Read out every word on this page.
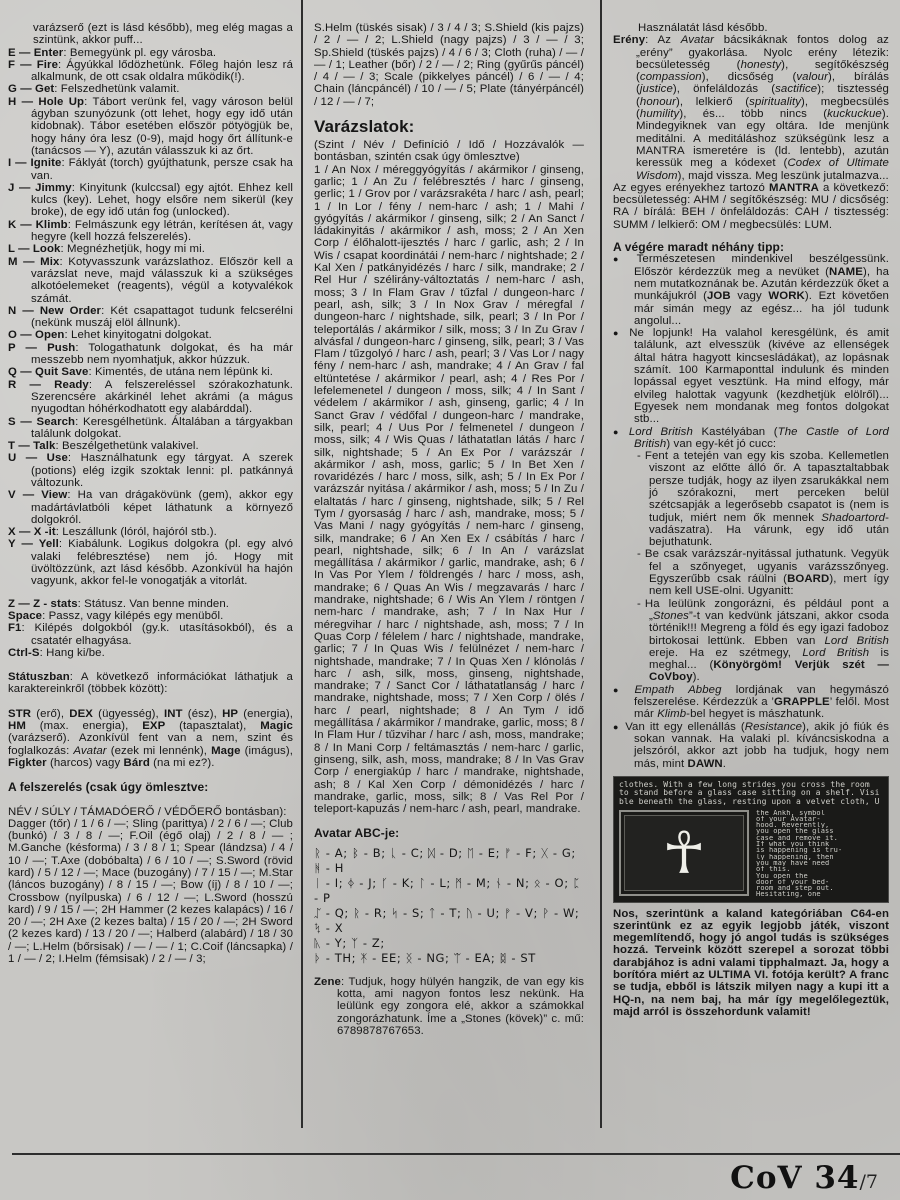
varázserő (ezt is lásd később), meg elég magas a szintünk, akkor puff...

E — Enter: Bemegyünk pl. egy városba.

F — Fire: Ágyúkkal lődözhetünk. Főleg hajón lesz rá alkalmunk, de ott csak oldalra működik(!).

G — Get: Felszedhetünk valamit.

H — Hole Up: Tábort verünk fel, vagy városon belül ágyban szunyózunk (ott lehet, hogy egy idő után kidobnak). Tábor esetében először pötyögjük be, hogy hány óra lesz (0-9), majd hogy őrt állítunk-e (tanácsos — Y), azután válasszuk ki az őrt.

I — Ignite: Fáklyát (torch) gyújthatunk, persze csak ha van.

J — Jimmy: Kinyitunk (kulccsal) egy ajtót. Ehhez kell kulcs (key). Lehet, hogy elsőre nem sikerül (key broke), de egy idő után fog (unlocked).

K — Klimb: Felmászunk egy létrán, kerítésen át, vagy hegyre (kell hozzá felszerelés).

L — Look: Megnézhetjük, hogy mi mi.

M — Mix: Kotyvasszunk varázslathoz. Először kell a varázslat neve, majd válasszuk ki a szükséges alkotóelemeket (reagents), végül a kotyvalékok számát.

N — New Order: Két csapattagot tudunk felcserélni (nekünk muszáj elöl állnunk).

O — Open: Lehet kinyitogatni dolgokat.

P — Push: Tologathatunk dolgokat, és ha már messzebb nem nyomhatjuk, akkor húzzuk.

Q — Quit Save: Kimentés, de utána nem lépünk ki.

R — Ready: A felszereléssel szórakozhatunk. Szerencsére akárkinél lehet akrámi (a mágus nyugodtan hóhérkodhatott egy alabárddal).

S — Search: Keresgélhetünk. Általában a tárgyakban találunk dolgokat.

T — Talk: Beszélgethetünk valakivel.

U — Use: Használhatunk egy tárgyat. A szerek (potions) elég izgik szoktak lenni: pl. patkánnyá változunk.

V — View: Ha van drágakövünk (gem), akkor egy madártávlatbóli képet láthatunk a környező dolgokról.

X — X -it: Leszállunk (lóról, hajóról stb.).

Y — Yell: Kiabálunk. Logikus dolgokra (pl. egy alvó valaki felébresztése) nem jó. Hogy mit üvöltözzünk, azt lásd később. Azonkívül ha hajón vagyunk, akkor fel-le vonogatják a vitorlát.

Z — Z - stats: Státusz. Van benne minden.

Space: Passz, vagy kilépés egy menüből.

F1: Kilépés dolgokból (gy.k. utasításokból), és a csatatér elhagyása.

Ctrl-S: Hang ki/be.

Státuszban: A következő információkat láthatjuk a karaktereinkről (többek között):

STR (erő), DEX (ügyesség), INT (ész), HP (energia), HM (max. energia), EXP (tapasztalat), Magic (varázserő). Azonkívül fent van a nem, szint és foglalkozás: Avatar (ezek mi lennénk), Mage (imágus), Figkter (harcos) vagy Bárd (na mi ez?).

A felszerelés (csak úgy ömlesztve:

NÉV / SÚLY / TÁMADÓERŐ / VÉDŐERŐ bontásban):

Dagger (tőr) / 1 / 6 / —; Sling (parittya) / 2 / 6 / —; Club (bunkó) / 3 / 8 / —; F.Oil (égő olaj) / 2 / 8 / — ; M.Ganche (késforma) / 3 / 8 / 1; Spear (lándzsa) / 4 / 10 / —; T.Axe (dobóbalta) / 6 / 10 / —; S.Sword (rövid kard) / 5 / 12 / —; Mace (buzogány) / 7 / 15 / —; M.Star (láncos buzogány) / 8 / 15 / —; Bow (íj) / 8 / 10 / —; Crossbow (nyílpuska) / 6 / 12 / —; L.Sword (hosszú kard) / 9 / 15 / —; 2H Hammer (2 kezes kalapács) / 16 / 20 / —; 2H Axe (2 kezes balta) / 15 / 20 / —; 2H Sword (2 kezes kard) / 13 / 20 / —; Halberd (alabárd) / 18 / 30 / —; L.Helm (bőrsisak) / — / — / 1; C.Coif (láncsapka) / 1 / — / 2; I.Helm (fémsisak) / 2 / — / 3;

S.Helm (tüskés sisak) / 3 / 4 / 3; S.Shield (kis pajzs) / 2 / — / 2; L.Shield (nagy pajzs) / 3 / — / 3; Sp.Shield (tüskés pajzs) / 4 / 6 / 3; Cloth (ruha) / — / — / 1; Leather (bőr) / 2 / — / 2; Ring (gyűrűs páncél) / 4 / — / 3; Scale (pikkelyes páncél) / 6 / — / 4; Chain (láncpáncél) / 10 / — / 5; Plate (tányérpáncél) / 12 / — / 7;

Varázslatok:

(Szint / Név / Definíció / Idő / Hozzávalók — bontásban, szintén csak úgy ömlesztve)

1 / An Nox / méreggyógyítás / akármikor / ginseng, garlic; 1 / An Zu / felébresztés / harc / ginseng, gerlic; 1 / Grov por / varázsrakéta / harc / ash, pearl; 1 / In Lor / fény / nem-harc / ash; 1 / Mahi / gyógyítás / akármikor / ginseng, silk; 2 / An Sanct / ládakinyitás / akármikor / ash, moss; 2 / An Xen Corp / élőhalott-ijesztés / harc / garlic, ash; 2 / In Wis / csapat koordinátái / nem-harc / nightshade; 2 / Kal Xen / patkányidézés / harc / silk, mandrake; 2 / Rel Hur / szélirány-változtatás / nem-harc / ash, moss; 3 / In Flam Grav / tűzfal / dungeon-harc / pearl, ash, silk; 3 / In Nox Grav / méregfal / dungeon-harc / nightshade, silk, pearl; 3 / In Por / teleportálás / akármikor / silk, moss; 3 / In Zu Grav / alvásfal / dungeon-harc / ginseng, silk, pearl; 3 / Vas Flam / tűzgolyó / harc / ash, pearl; 3 / Vas Lor / nagy fény / nem-harc / ash, mandrake; 4 / An Grav / fal eltüntetése / akármikor / pearl, ash; 4 / Res Por / lefelemenetel / dungeon / moss, silk; 4 / In Sant / védelem / akármikor / ash, ginseng, garlic; 4 / In Sanct Grav / védőfal / dungeon-harc / mandrake, silk, pearl; 4 / Uus Por / felmenetel / dungeon / moss, silk; 4 / Wis Quas / láthatatlan látás / harc / silk, nightshade; 5 / An Ex Por / varázszár / akármikor / ash, moss, garlic; 5 / In Bet Xen / rovaridézés / harc / moss, silk, ash; 5 / In Ex Por / varázszár nyitása / akármikor / ash, moss; 5 / In Zu / elaltatás / harc / ginseng, nightshade, silk; 5 / Rel Tym / gyorsaság / harc / ash, mandrake, moss; 5 / Vas Mani / nagy gyógyítás / nem-harc / ginseng, silk, mandrake; 6 / An Xen Ex / csábítás / harc / pearl, nightshade, silk; 6 / In An / varázslat megállítása / akármikor / garlic, mandrake, ash; 6 / In Vas Por Ylem / földrengés / harc / moss, ash, mandrake; 6 / Quas An Wis / megzavarás / harc / mandrake, nightshade; 6 / Wis An Ylem / röntgen / nem-harc / mandrake, ash; 7 / In Nax Hur / méregvihar / harc / nightshade, ash, moss; 7 / In Quas Corp / félelem / harc / nightshade, mandrake, garlic; 7 / In Quas Wis / felülnézet / nem-harc / nightshade, mandrake; 7 / In Quas Xen / klónolás / harc / ash, silk, moss, ginseng, nightshade, mandrake; 7 / Sanct Cor / láthatatlanság / harc / mandrake, nightshade, moss; 7 / Xen Corp / ölés / harc / pearl, nightshade; 8 / An Tym / idő megállítása / akármikor / mandrake, garlic, moss; 8 / In Flam Hur / tűzvihar / harc / ash, moss, mandrake; 8 / In Mani Corp / feltámasztás / nem-harc / garlic, ginseng, silk, ash, moss, mandrake; 8 / In Vas Grav Corp / energiakúp / harc / mandrake, nightshade, ash; 8 / Kal Xen Corp / démonidézés / harc / mandrake, garlic, moss, silk; 8 / Vas Rel Por / teleport-kapuzás / nem-harc / ash, pearl, mandrake.

Avatar ABC-je:

ᚱ - A; ᛒ - B; ᚳ - C; ᛞ - D; ᛖ - E; ᚠ - F; ᚷ - G; ᚻ - H

ᛁ - I; ᛄ - J; ᚴ - K; ᛚ - L; ᛗ - M; ᚾ - N; ᛟ - O; ᛈ - P

ᛢ - Q; ᚱ - R; ᛋ - S; ᛏ - T; ᚢ - U; ᚡ - V; ᚹ - W; ᛪ - X

ᚣ - Y; ᛉ - Z;

ᚦ - TH; ᛡ - EE; ᛝ - NG; ᛠ - EA; ᛥ - ST

Zene: Tudjuk, hogy hülyén hangzik, de van egy kis kotta, ami nagyon fontos lesz nekünk. Ha leülünk egy zongora elé, akkor a számokkal zongorázhatunk. Íme a „Stones (kövek)” c. mű: 6789878767653.

Használatát lásd később.

Erény: Az Avatar bácsikáknak fontos dolog az „erény” gyakorlása. Nyolc erény létezik: becsületesség (honesty), segítőkészség (compassion), dicsőség (valour), bírálás (justice), önfeláldozás (sactifice); tisztesség (honour), lelkierő (spirituality), megbecsülés (humility), és... több nincs (kuckuckue). Mindegyiknek van egy oltára. Ide menjünk meditálni. A meditáláshoz szükségünk lesz a MANTRA ismeretére is (ld. lentebb), azután keressük meg a kódexet (Codex of Ultimate Wisdom), majd vissza. Meg leszünk jutalmazva...

Az egyes erényekhez tartozó MANTRA a következő: becsületesség: AHM / segítőkészség: MU / dicsőség: RA / bírálá: BEH / önfeláldozás: CAH / tisztesség: SUMM / lelkierő: OM / megbecsülés: LUM.

A végére maradt néhány tipp:

● Természetesen mindenkivel beszélgessünk. Először kérdezzük meg a nevüket (NAME), ha nem mutatkoznának be. Azután kérdezzük őket a munkájukról (JOB vagy WORK). Ezt követően már simán megy az egész... ha jól tudunk angolul...

● Ne lopjunk! Ha valahol keresgélünk, és amit találunk, azt elvesszük (kivéve az ellenségek által hátra hagyott kincsesládákat), az lopásnak számít. 100 Karmaponttal indulunk és minden lopással egyet vesztünk. Ha mind elfogy, már elvileg halottak vagyunk (kezdhetjük elölről)... Egyesek nem mondanak meg fontos dolgokat stb...

● Lord British Kastélyában (The Castle of Lord British) van egy-két jó cucc:

- Fent a tetején van egy kis szoba. Kellemetlen viszont az előtte álló őr. A tapasztaltabbak persze tudják, hogy az ilyen zsarukákkal nem jó szórakozni, mert perceken belül szétcsapják a legerősebb csapatot is (nem is tudjuk, miért nem ők mennek Shadoartord-vadászatra). Ha várunk, egy idő után bejuthatunk.

- Be csak varázszár-nyitással juthatunk. Vegyük fel a szőnyeget, ugyanis varázsszőnyeg. Egyszerűbb csak ráülni (BOARD), mert így nem kell USE-olni. Ugyanitt:

- Ha leülünk zongorázni, és például pont a „Stones”-t van kedvünk játszani, akkor csoda történik!!! Megreng a föld és egy igazi fadoboz birtokosai lettünk. Ebben van Lord British ereje. Ha ez szétmegy, Lord British is meghal... (Könyörgöm! Verjük szét — CoVboy).

● Empath Abbeg lordjának van hegymászó felszerelése. Kérdezzük a ’GRAPPLE’ felől. Most már Klimb-bel hegyet is mászhatunk.

● Van itt egy ellenállás (Resistance), akik jó fiúk és sokan vannak. Ha valaki pl. kíváncsiskodna a jelszóról, akkor azt jobb ha tudjuk, hogy nem más, mint DAWN.

clothes. With a few long strides you cross the room
to stand before a glass case sitting on a shelf. Visi
ble beneath the glass, resting upon a velvet cloth, U
☥
the Ankh, symbol
of your Avatar-
hood. Reverently,
you open the glass
case and remove it.
If what you think
is happening is tru-
ly happening, then
you may have need
of this.
You open the
door of your bed-
room and step out.
Hesitating, one

Nos, szerintünk a kaland kategóriában C64-en szerintünk ez az egyik legjobb játék, viszont megemlítendő, hogy jó angol tudás is szükséges hozzá. Terveink között szerepel a sorozat többi darabjához is adni valami tipphalmazt. Ja, hogy a borítóra miért az ULTIMA VI. fotója került? A franc se tudja, ebből is látszik milyen nagy a kupi itt a HQ-n, na nem baj, ha már így megelőlegeztük, majd arról is összehordunk valamit!

CoV 34/7
